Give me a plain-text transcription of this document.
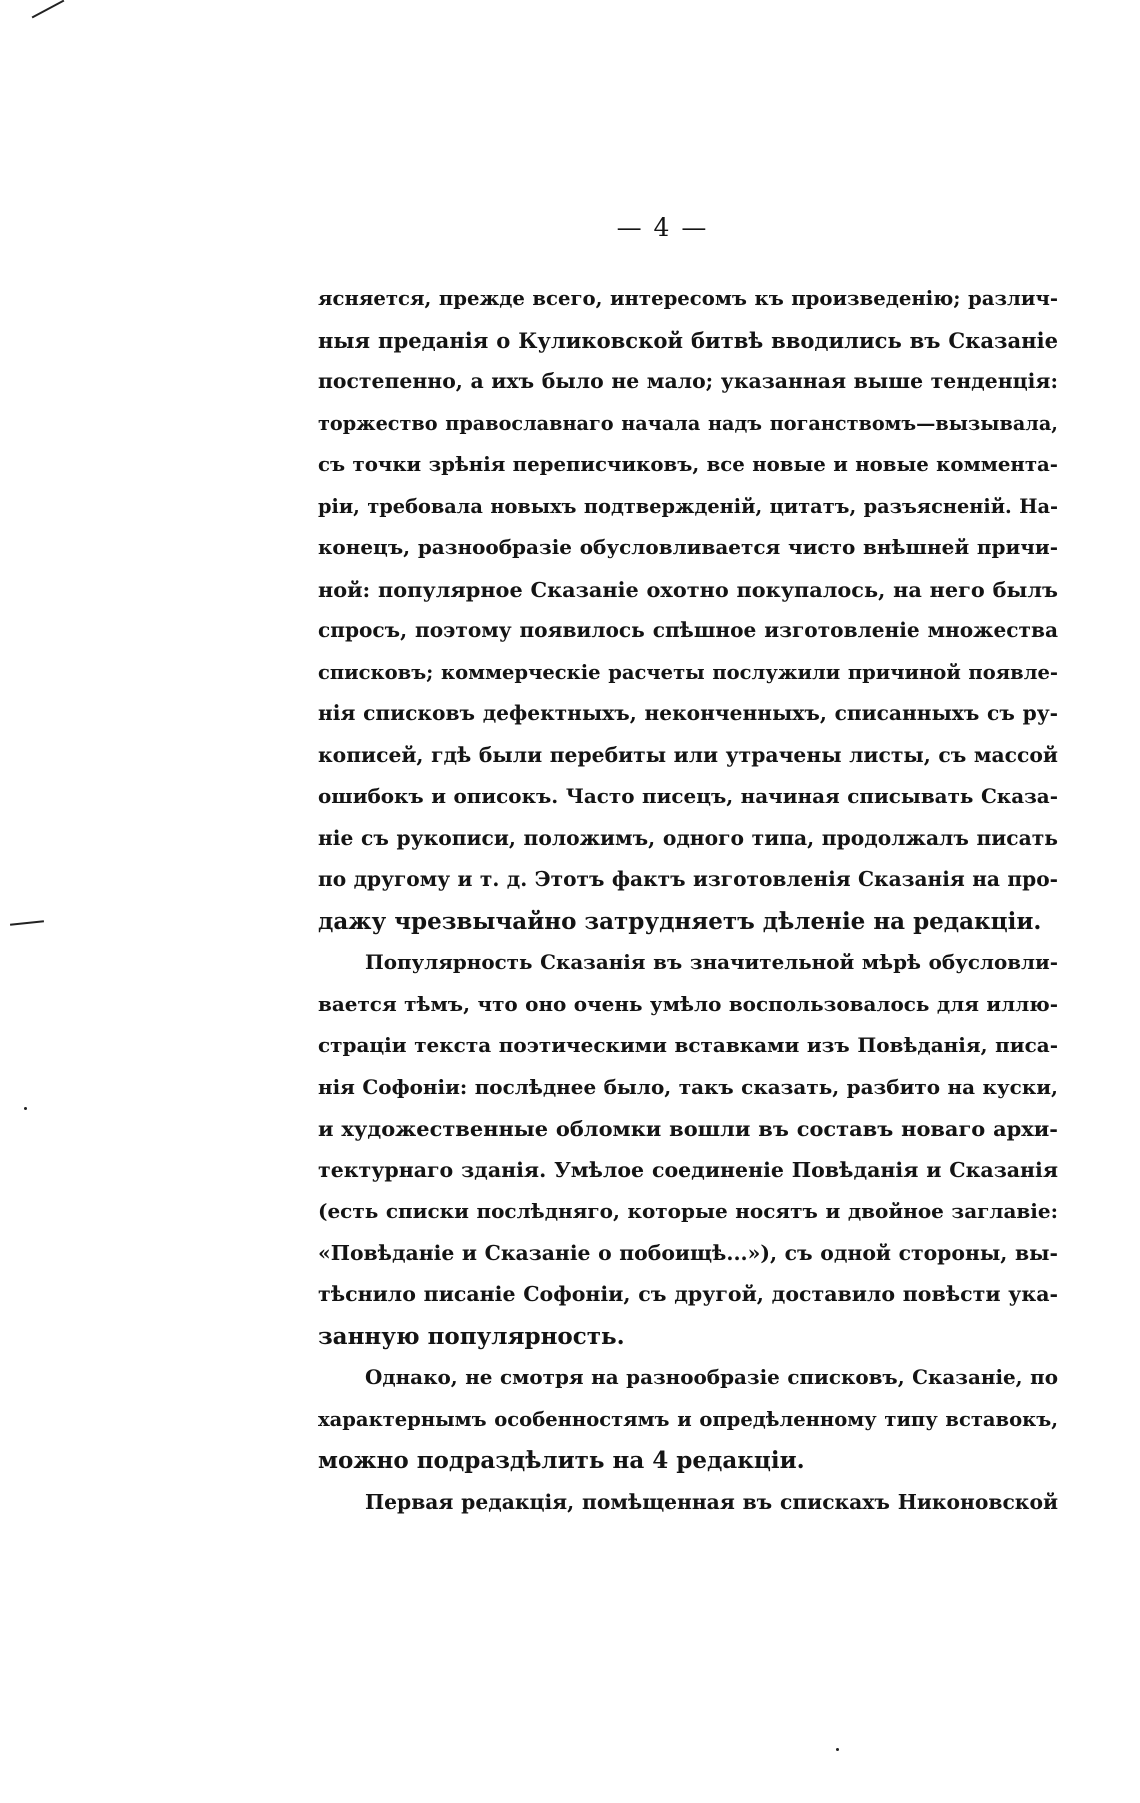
— 4 —
ясняется, прежде всего, интересомъ къ произведенію; различ-
ныя преданія о Куликовской битвѣ вводились въ Сказаніе
постепенно, а ихъ было не мало; указанная выше тенденція:
торжество православнаго начала надъ поганствомъ—вызывала,
съ точки зрѣнія переписчиковъ, все новые и новые коммента-
ріи, требовала новыхъ подтвержденій, цитатъ, разъясненій. На-
конецъ, разнообразіе обусловливается чисто внѣшней причи-
ной: популярное Сказаніе охотно покупалось, на него былъ
спросъ, поэтому появилось спѣшное изготовленіе множества
списковъ; коммерческіе расчеты послужили причиной появле-
нія списковъ дефектныхъ, неконченныхъ, списанныхъ съ ру-
кописей, гдѣ были перебиты или утрачены листы, съ массой
ошибокъ и описокъ. Часто писецъ, начиная списывать Сказа-
ніе съ рукописи, положимъ, одного типа, продолжалъ писать
по другому и т. д. Этотъ фактъ изготовленія Сказанія на про-
дажу чрезвычайно затрудняетъ дѣленіе на редакціи.
Популярность Сказанія въ значительной мѣрѣ обусловли-
вается тѣмъ, что оно очень умѣло воспользовалось для иллю-
страціи текста поэтическими вставками изъ Повѣданія, писа-
нія Софоніи: послѣднее было, такъ сказать, разбито на куски,
и художественные обломки вошли въ составъ новаго архи-
тектурнаго зданія. Умѣлое соединеніе Повѣданія и Сказанія
(есть списки послѣдняго, которые носятъ и двойное заглавіе:
«Повѣданіе и Сказаніе о побоищѣ...»), съ одной стороны, вы-
тѣснило писаніе Софоніи, съ другой, доставило повѣсти ука-
занную популярность.
Однако, не смотря на разнообразіе списковъ, Сказаніе, по
характернымъ особенностямъ и опредѣленному типу вставокъ,
можно подраздѣлить на 4 редакціи.
Первая редакція, помѣщенная въ спискахъ Никоновской
